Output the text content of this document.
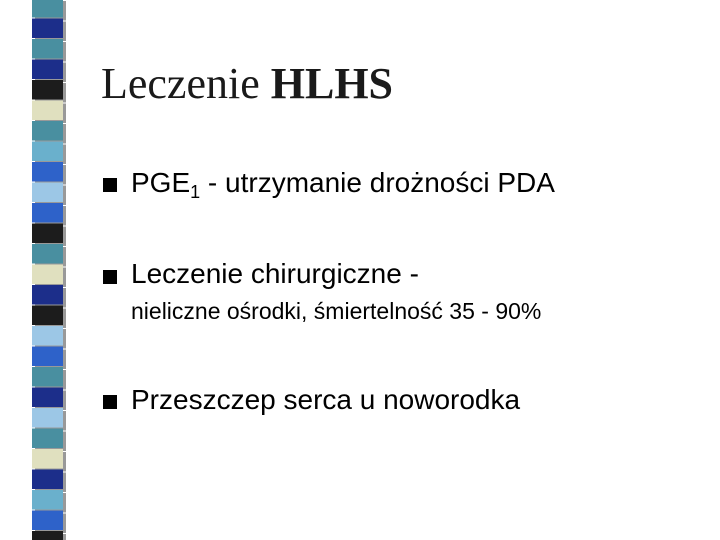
Leczenie HLHS
$PGE_1$ - utrzymanie drożności PDA
Leczenie chirurgiczne -
nieliczne ośrodki, śmiertelność 35 - 90%
Przeszczep serca u noworodka
